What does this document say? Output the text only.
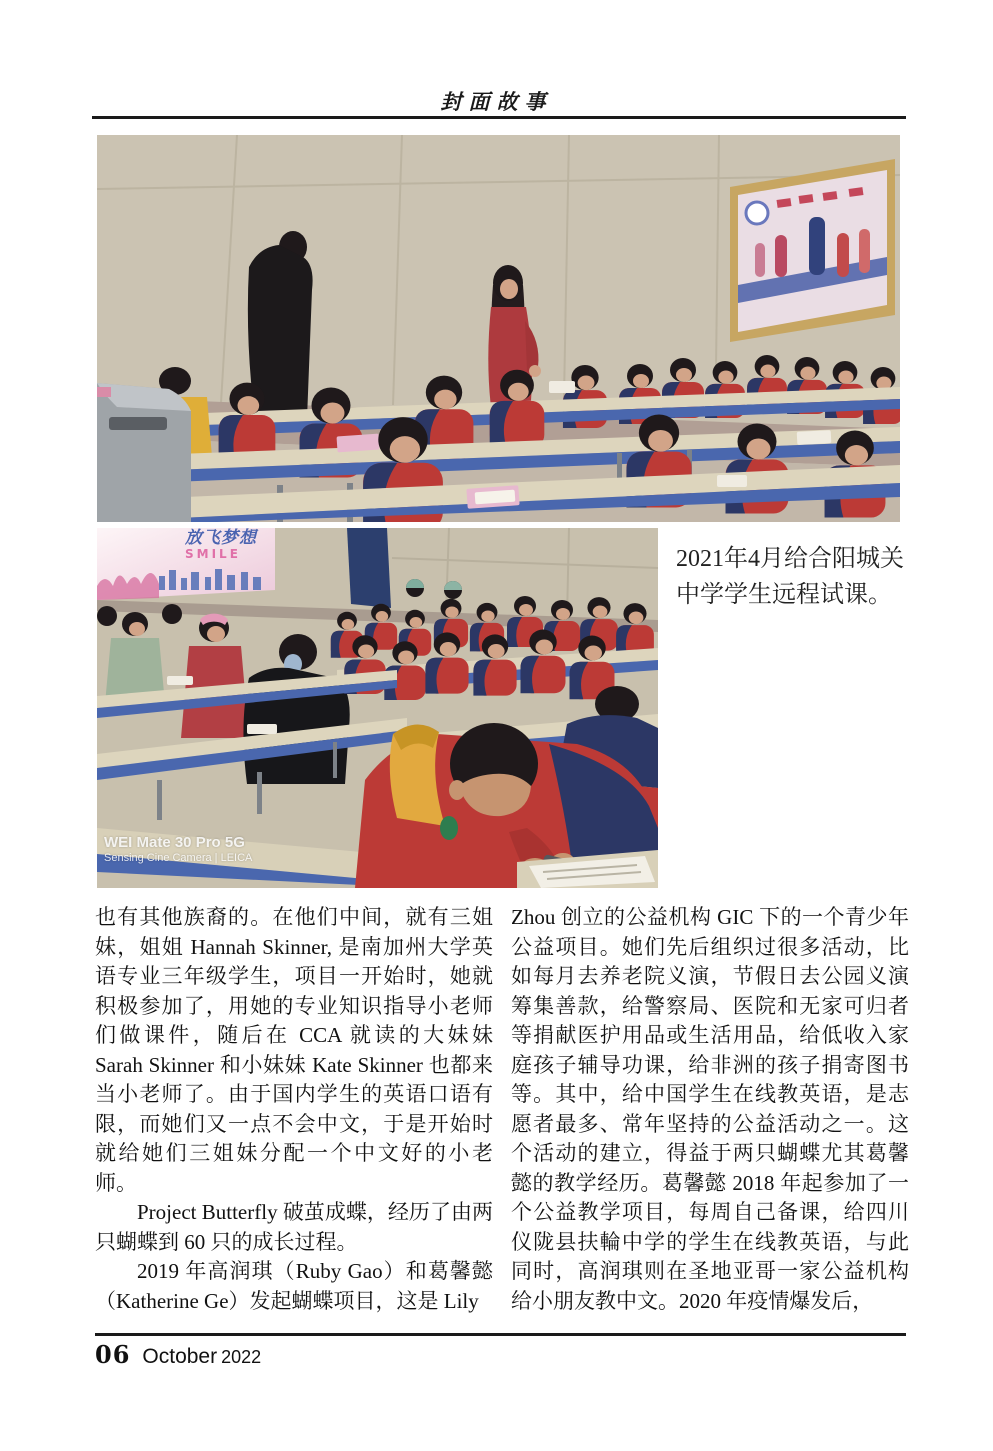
封面故事
放飞梦想
SMILE
WEI Mate 30 Pro 5G
Sensing Cine Camera | LEICA
2021年4月给合阳城关
中学学生远程试课。

也有其他族裔的。在他们中间，就有三姐妹，姐姐 Hannah Skinner, 是南加州大学英语专业三年级学生，项目一开始时，她就积极参加了，用她的专业知识指导小老师们做课件，随后在 CCA 就读的大妹妹 Sarah Skinner 和小妹妹 Kate Skinner 也都来当小老师了。由于国内学生的英语口语有限，而她们又一点不会中文，于是开始时就给她们三姐妹分配一个中文好的小老师。

Project Butterfly 破茧成蝶，经历了由两只蝴蝶到 60 只的成长过程。

2019 年高润琪（Ruby Gao）和葛馨懿（Katherine Ge）发起蝴蝶项目，这是 Lily

Zhou 创立的公益机构 GIC 下的一个青少年公益项目。她们先后组织过很多活动，比如每月去养老院义演，节假日去公园义演筹集善款，给警察局、医院和无家可归者等捐献医护用品或生活用品，给低收入家庭孩子辅导功课，给非洲的孩子捐寄图书等。其中，给中国学生在线教英语，是志愿者最多、常年坚持的公益活动之一。这个活动的建立，得益于两只蝴蝶尤其葛馨懿的教学经历。葛馨懿 2018 年起参加了一个公益教学项目，每周自己备课，给四川仪陇县扶輪中学的学生在线教英语，与此同时，高润琪则在圣地亚哥一家公益机构给小朋友教中文。2020 年疫情爆发后，

06 October 2022
